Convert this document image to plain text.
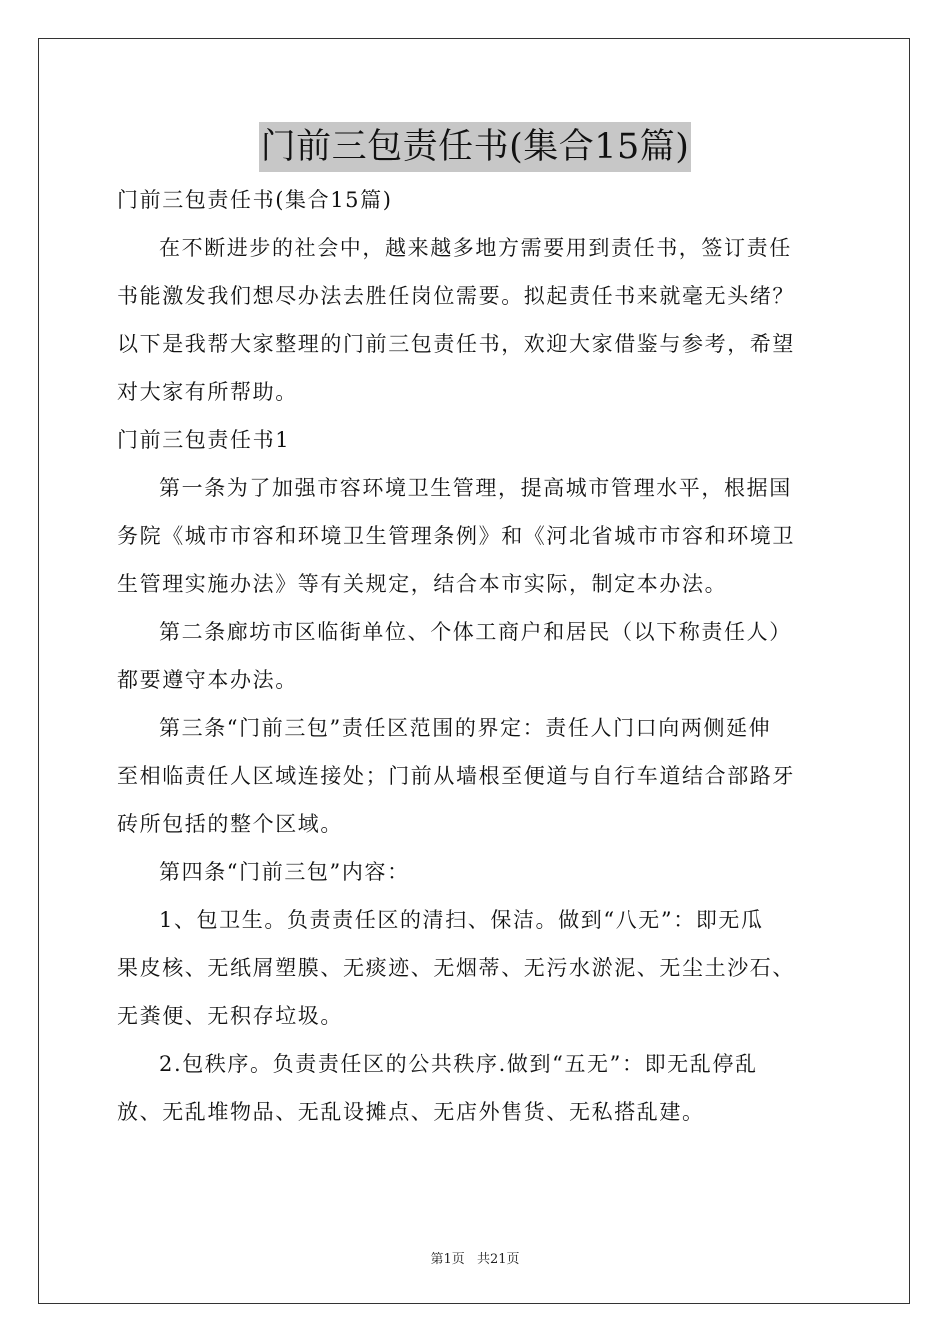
门前三包责任书(集合15篇)

门前三包责任书(集合15篇)

在不断进步的社会中，越来越多地方需要用到责任书，签订责任
书能激发我们想尽办法去胜任岗位需要。拟起责任书来就毫无头绪？
以下是我帮大家整理的门前三包责任书，欢迎大家借鉴与参考，希望
对大家有所帮助。

门前三包责任书1

第一条为了加强市容环境卫生管理，提高城市管理水平，根据国
务院《城市市容和环境卫生管理条例》和《河北省城市市容和环境卫
生管理实施办法》等有关规定，结合本市实际，制定本办法。

第二条廊坊市区临街单位、个体工商户和居民（以下称责任人）
都要遵守本办法。

第三条“门前三包”责任区范围的界定：责任人门口向两侧延伸
至相临责任人区域连接处；门前从墙根至便道与自行车道结合部路牙
砖所包括的整个区域。

第四条“门前三包”内容：

1、包卫生。负责责任区的清扫、保洁。做到“八无”：即无瓜
果皮核、无纸屑塑膜、无痰迹、无烟蒂、无污水淤泥、无尘土沙石、
无粪便、无积存垃圾。

2.包秩序。负责责任区的公共秩序.做到“五无”：即无乱停乱
放、无乱堆物品、无乱设摊点、无店外售货、无私搭乱建。

第1页 共21页
